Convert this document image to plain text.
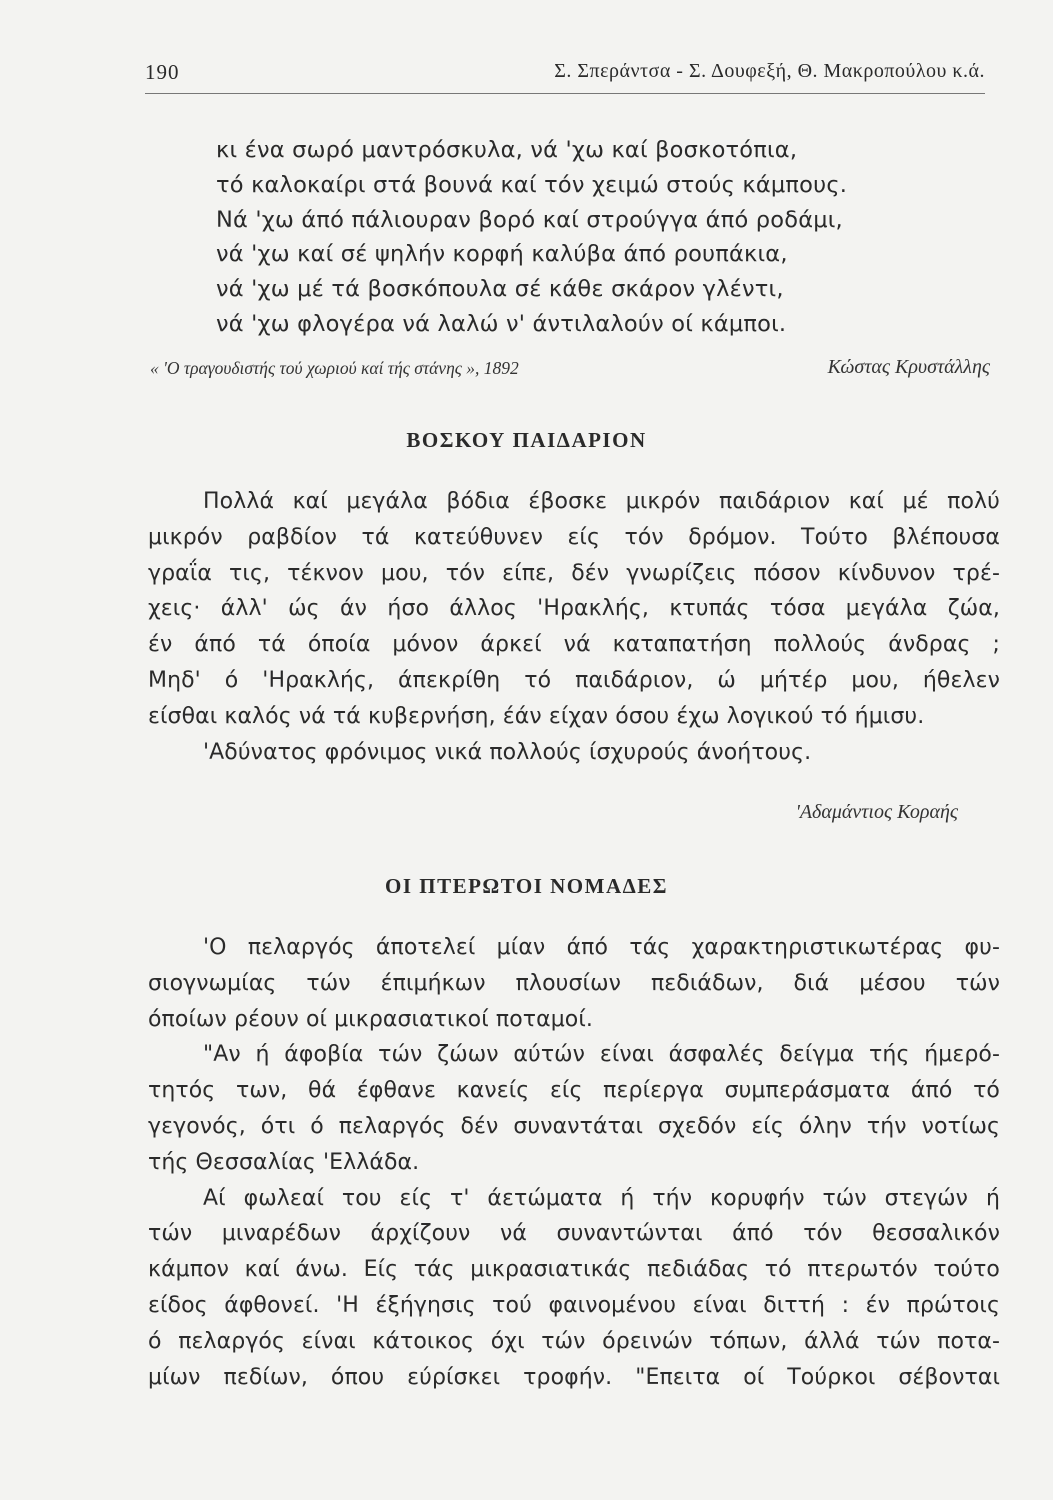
190	Σ. Σπεράντσα - Σ. Δουφεξή, Θ. Μακροπούλου κ.ά.
κι ένα σωρό μαντρόσκυλα, νά 'χω καί βοσκοτόπια,
τό καλοκαίρι στά βουνά καί τόν χειμώ στούς κάμπους.
Νά 'χω άπό πάλιουραν βορό καί στρούγγα άπό ροδάμι,
νά 'χω καί σέ ψηλήν κορφή καλύβα άπό ρουπάκια,
νά 'χω μέ τά βοσκόπουλα σέ κάθε σκάρον γλέντι,
νά 'χω φλογέρα νά λαλώ ν' άντιλαλούν οί κάμποι.
« 'Ο τραγουδιστής τού χωριού καί τής στάνης », 1892	Κώστας Κρυστάλλης
ΒΟΣΚΟΥ ΠΑΙΔΑΡΙΟΝ
Πολλά καί μεγάλα βόδια έβοσκε μικρόν παιδάριον καί μέ πολύ
μικρόν ραβδίον τά κατεύθυνεν είς τόν δρόμον. Τούτο βλέπουσα
γραΐα τις, τέκνον μου, τόν είπε, δέν γνωρίζεις πόσον κίνδυνον τρέ-
χεις· άλλ' ώς άν ήσο άλλος 'Ηρακλής, κτυπάς τόσα μεγάλα ζώα,
έν άπό τά όποία μόνον άρκεί νά καταπατήση πολλούς άνδρας ;
Μηδ' ό 'Ηρακλής, άπεκρίθη τό παιδάριον, ώ μήτέρ μου, ήθελεν
είσθαι καλός νά τά κυβερνήση, έάν είχαν όσου έχω λογικού τό ήμισυ.
'Αδύνατος φρόνιμος νικά πολλούς ίσχυρούς άνοήτους.
'Αδαμάντιος Κοραής
ΟΙ ΠΤΕΡΩΤΟΙ ΝΟΜΑΔΕΣ
'Ο πελαργός άποτελεί μίαν άπό τάς χαρακτηριστικωτέρας φυ-
σιογνωμίας τών έπιμήκων πλουσίων πεδιάδων, διά μέσου τών
όποίων ρέουν οί μικρασιατικοί ποταμοί.
"Αν ή άφοβία τών ζώων αύτών είναι άσφαλές δείγμα τής ήμερό-
τητός των, θά έφθανε κανείς είς περίεργα συμπεράσματα άπό τό
γεγονός, ότι ό πελαργός δέν συναντάται σχεδόν είς όλην τήν νοτίως
τής Θεσσαλίας 'Ελλάδα.
Αί φωλεαί του είς τ' άετώματα ή τήν κορυφήν τών στεγών ή
τών μιναρέδων άρχίζουν νά συναντώνται άπό τόν θεσσαλικόν
κάμπον καί άνω. Είς τάς μικρασιατικάς πεδιάδας τό πτερωτόν τούτο
είδος άφθονεί. 'Η έξήγησις τού φαινομένου είναι διττή : έν πρώτοις
ό πελαργός είναι κάτοικος όχι τών όρεινών τόπων, άλλά τών ποτα-
μίων πεδίων, όπου εύρίσκει τροφήν. "Επειτα οί Τούρκοι σέβονται
